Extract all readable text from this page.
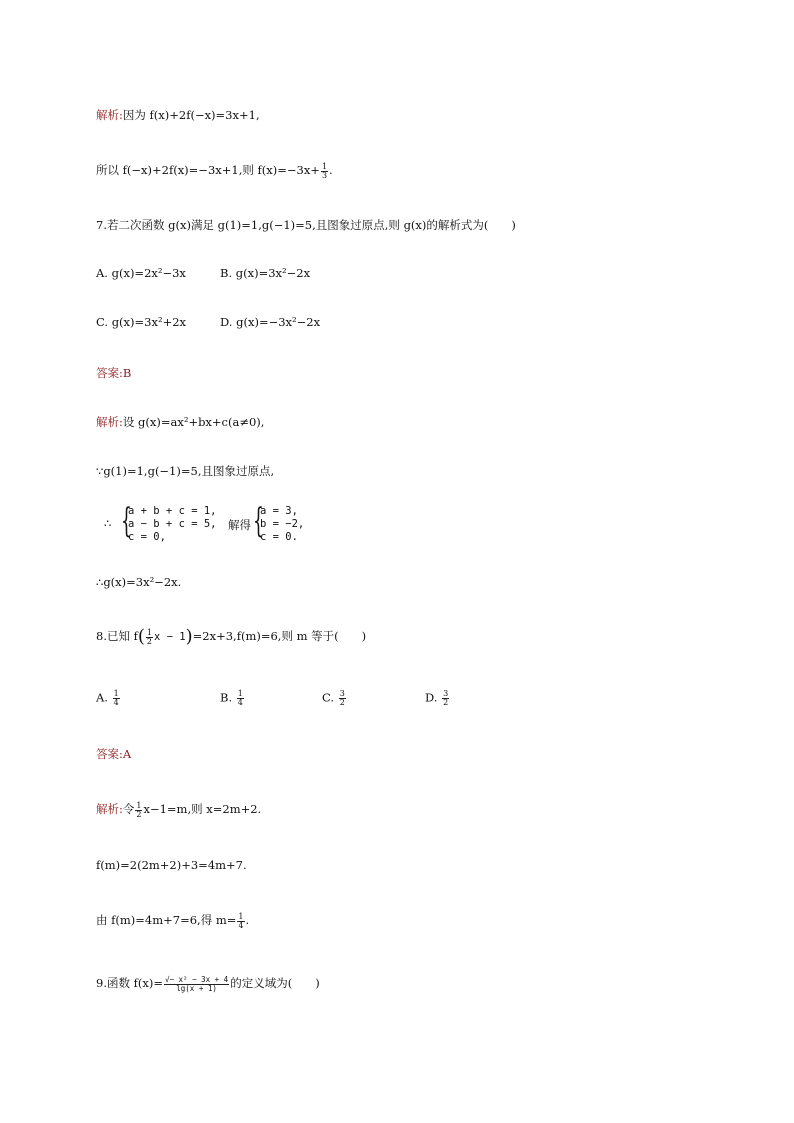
解析:因为 f(x)+2f(−x)=3x+1,
所以 f(−x)+2f(x)=−3x+1,则 $f(x)=-3x+ \frac{1}{3}$ .
7.若二次函数 g(x)满足 g(1)=1,g(−1)=5,且图象过原点,则 g(x)的解析式为(　　)
A. g(x)=2x²−3x	B. g(x)=3x²−2x
C. g(x)=3x²+2x	D. g(x)=−3x²−2x
答案:B
解析:设 g(x)=ax²+bx+c(a≠0),
∵g(1)=1,g(−1)=5,且图象过原点,
∴ {
a + b + c = 1,
a − b + c = 5,
c = 0,
解得 {
a = 3,
b = −2,
c = 0.
∴g(x)=3x²−2x.
8.已知 $f( \frac{1}{2}$ x − 1)=2x+3,f(m)=6,则 m 等于(　　)
A. $\frac{1}{4}$	B. $\frac{1}{4}$	C. $\frac{3}{2}$	D. $\frac{3}{2}$
答案:A
解析:令 $\frac{1}{2} x-1=m$,则 x=2m+2.
f(m)=2(2m+2)+3=4m+7.
由 f(m)=4m+7=6,得 $m= \frac{1}{4}$ .
9.函数 $f(x)= \frac{\text{√− x² − 3x + 4}}{\lg(x + 1)}$ 的定义域为(　　)
